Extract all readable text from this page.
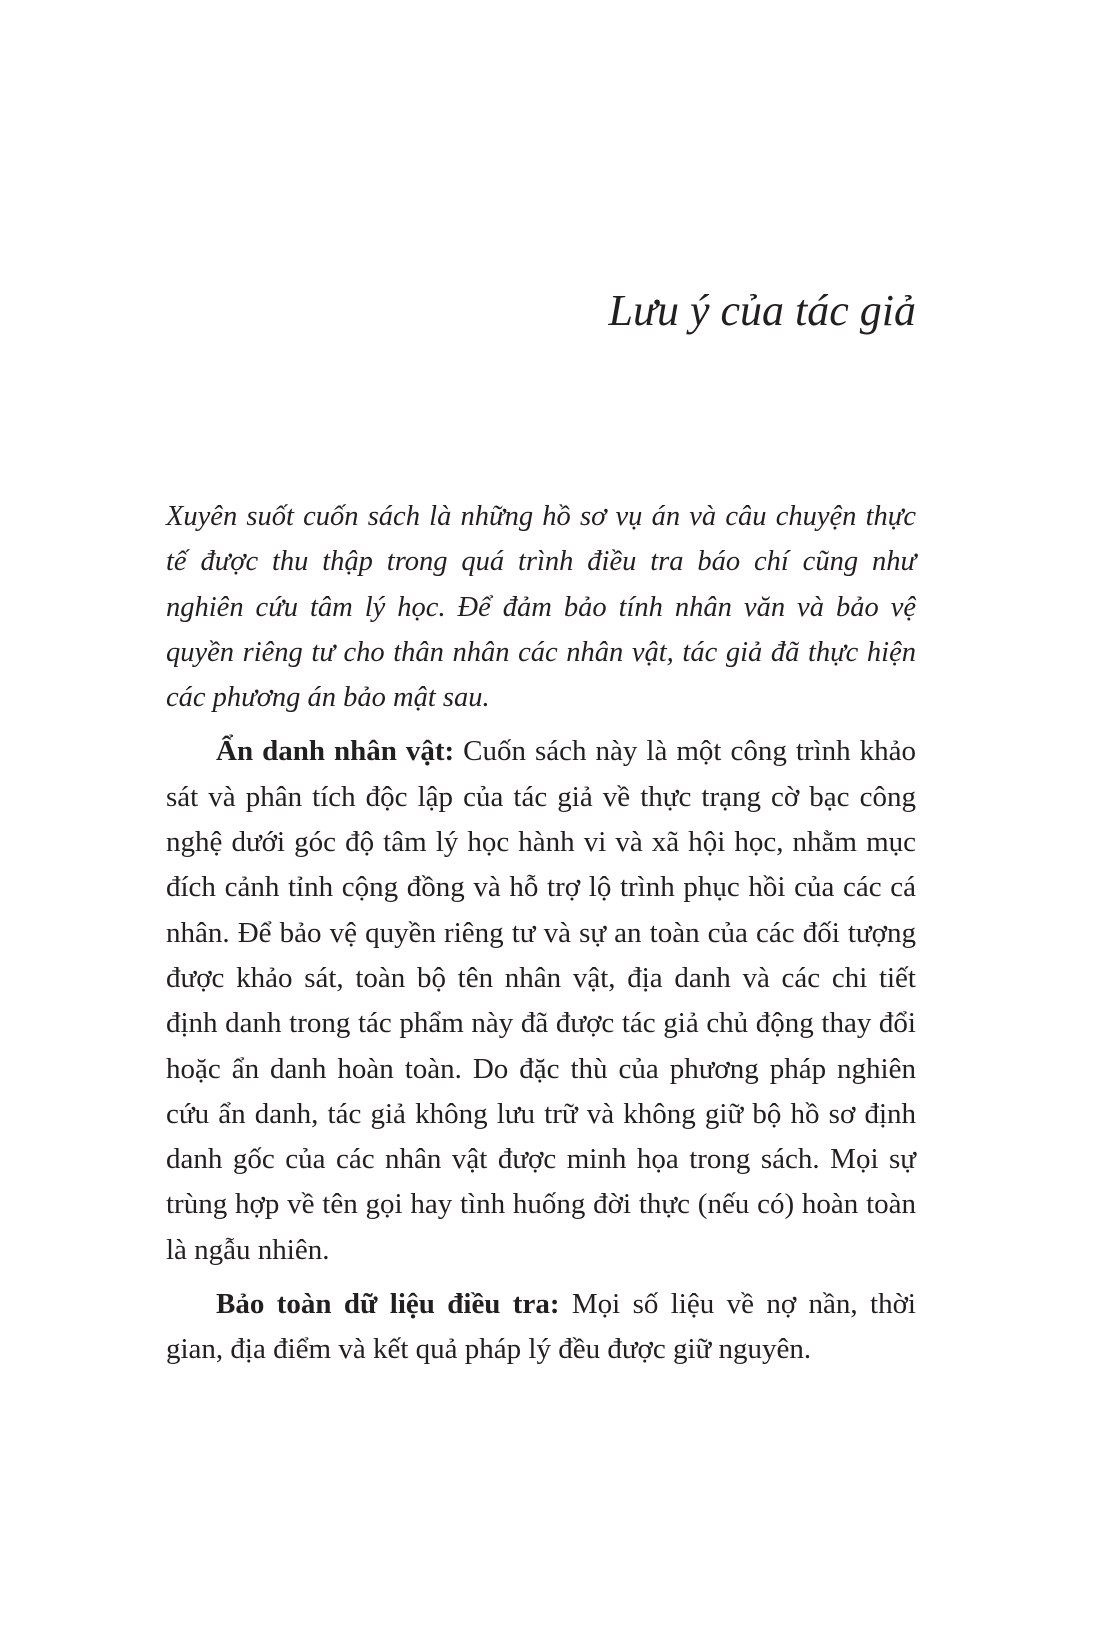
Lưu ý của tác giả

Xuyên suốt cuốn sách là những hồ sơ vụ án và câu chuyện thực tế được thu thập trong quá trình điều tra báo chí cũng như nghiên cứu tâm lý học. Để đảm bảo tính nhân văn và bảo vệ quyền riêng tư cho thân nhân các nhân vật, tác giả đã thực hiện các phương án bảo mật sau.

Ẩn danh nhân vật: Cuốn sách này là một công trình khảo sát và phân tích độc lập của tác giả về thực trạng cờ bạc công nghệ dưới góc độ tâm lý học hành vi và xã hội học, nhằm mục đích cảnh tỉnh cộng đồng và hỗ trợ lộ trình phục hồi của các cá nhân. Để bảo vệ quyền riêng tư và sự an toàn của các đối tượng được khảo sát, toàn bộ tên nhân vật, địa danh và các chi tiết định danh trong tác phẩm này đã được tác giả chủ động thay đổi hoặc ẩn danh hoàn toàn. Do đặc thù của phương pháp nghiên cứu ẩn danh, tác giả không lưu trữ và không giữ bộ hồ sơ định danh gốc của các nhân vật được minh họa trong sách. Mọi sự trùng hợp về tên gọi hay tình huống đời thực (nếu có) hoàn toàn là ngẫu nhiên.

Bảo toàn dữ liệu điều tra: Mọi số liệu về nợ nần, thời gian, địa điểm và kết quả pháp lý đều được giữ nguyên.
